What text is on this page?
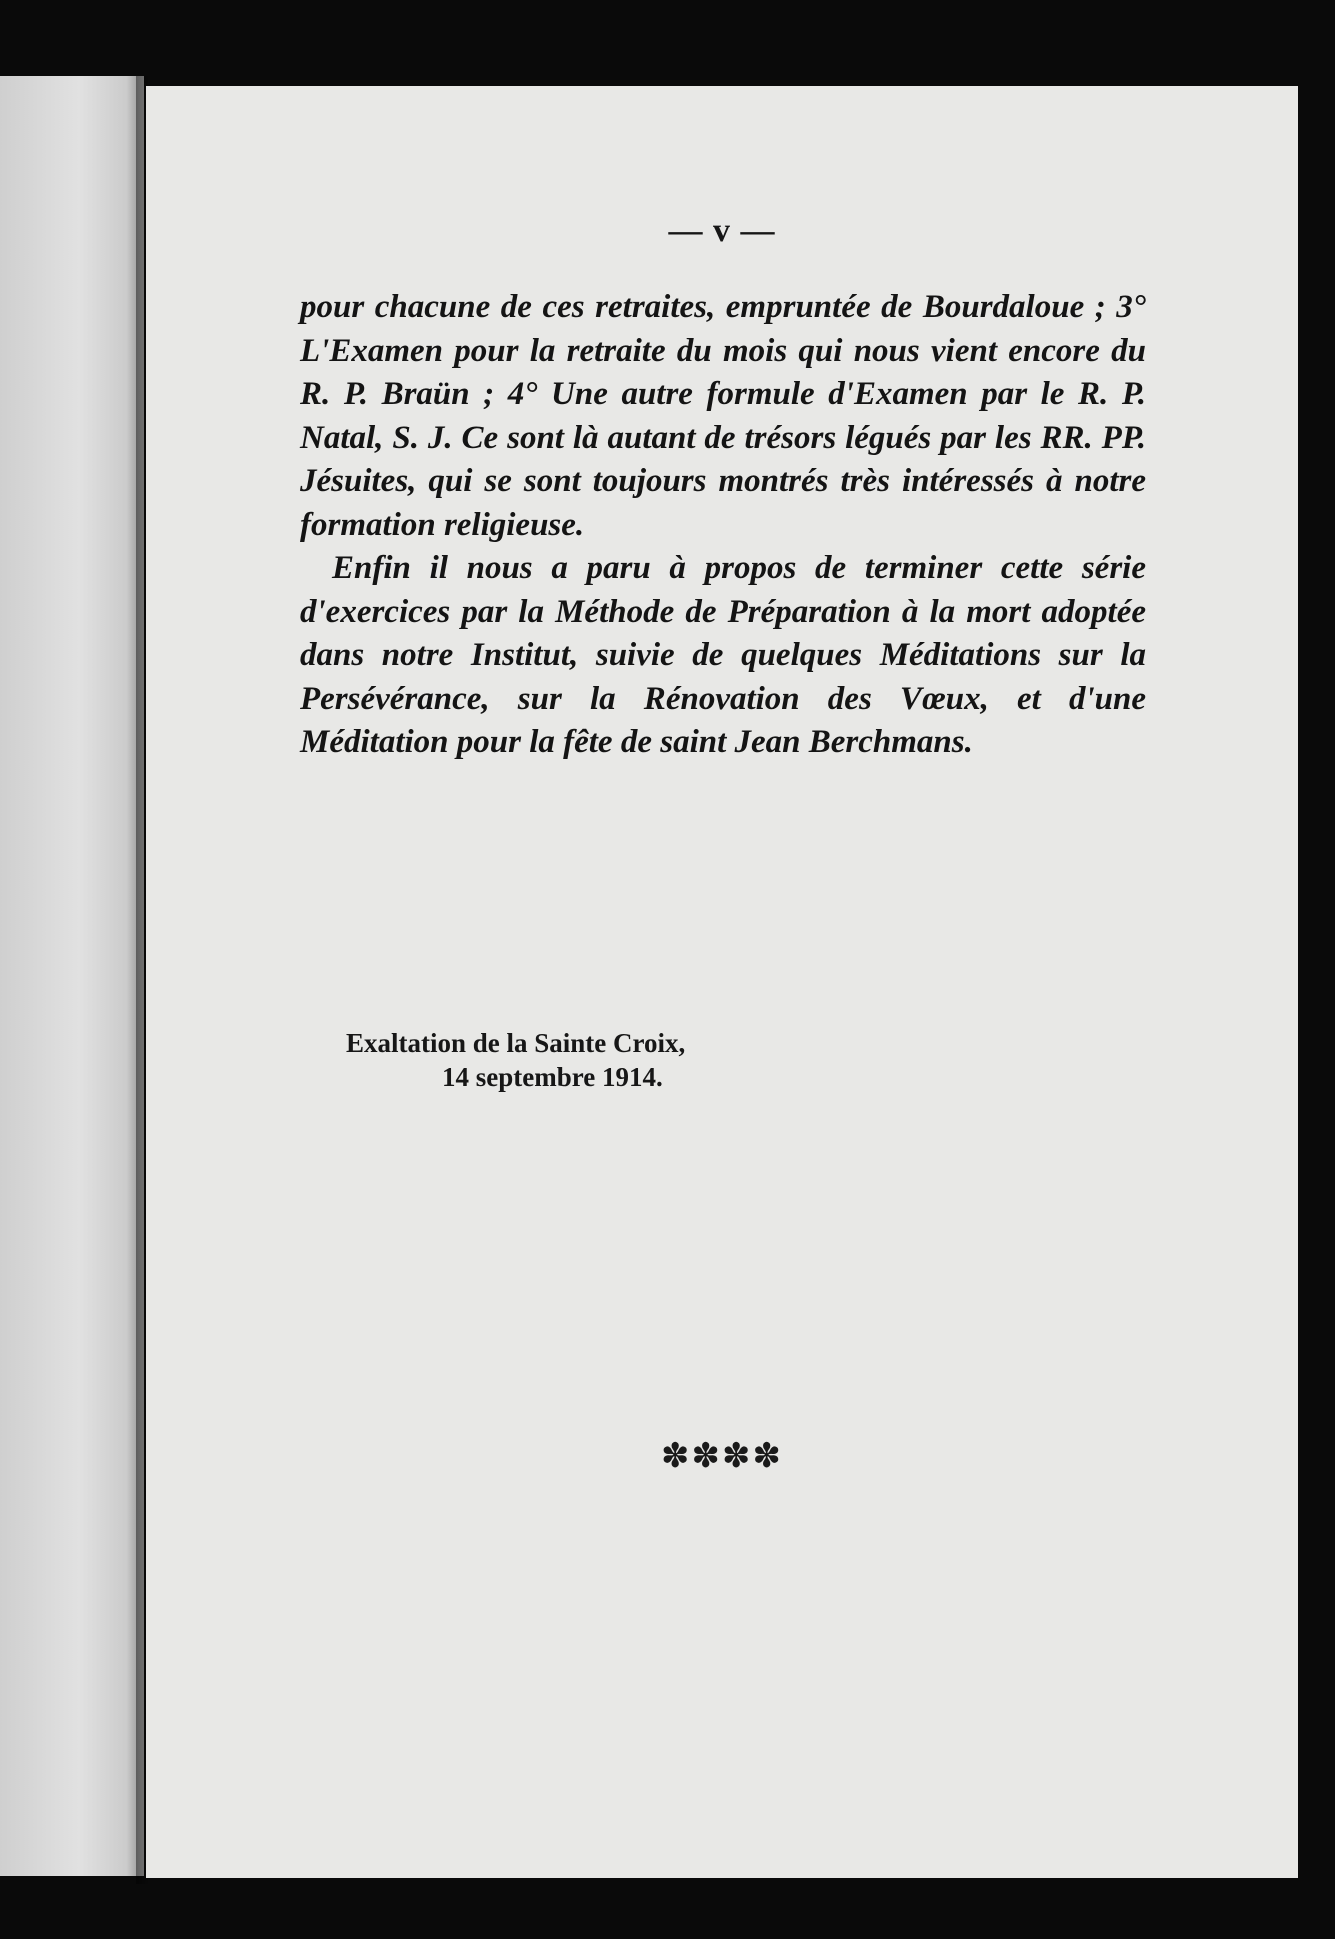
— v —

pour chacune de ces retraites, empruntée de Bourdaloue ; 3° L'Examen pour la retraite du mois qui nous vient encore du R. P. Braün ; 4° Une autre formule d'Examen par le R. P. Natal, S. J. Ce sont là autant de trésors légués par les RR. PP. Jésuites, qui se sont toujours montrés très intéressés à notre formation religieuse.

Enfin il nous a paru à propos de terminer cette série d'exercices par la Méthode de Préparation à la mort adoptée dans notre Institut, suivie de quelques Méditations sur la Persévérance, sur la Rénovation des Vœux, et d'une Méditation pour la fête de saint Jean Berchmans.

Exaltation de la Sainte Croix,
14 septembre 1914.
✽✽✽✽
